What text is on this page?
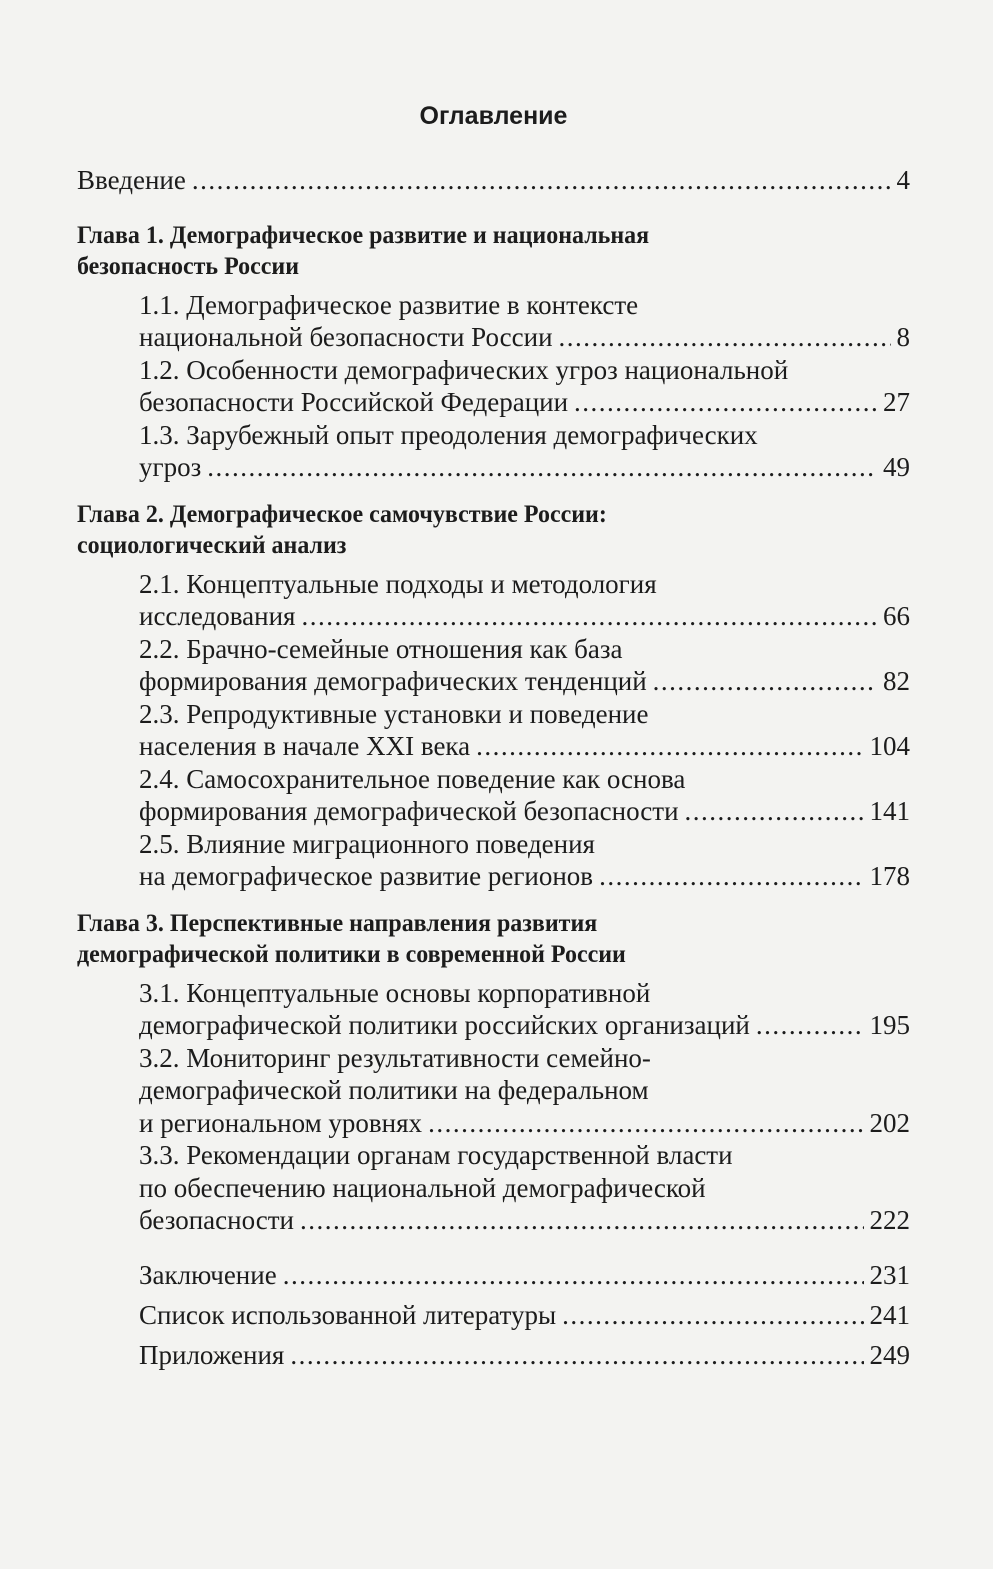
Оглавление
Введение .....	4
Глава 1. Демографическое развитие и национальная
безопасность России
1.1. Демографическое развитие в контексте
национальной безопасности России .....	8
1.2. Особенности демографических угроз национальной
безопасности Российской Федерации .....	27
1.3. Зарубежный опыт преодоления демографических
угроз .....	49
Глава 2. Демографическое самочувствие России:
социологический анализ
2.1. Концептуальные подходы и методология
исследования .....	66
2.2. Брачно-семейные отношения как база
формирования демографических тенденций .....	82
2.3. Репродуктивные установки и поведение
населения в начале XXI века .....	104
2.4. Самосохранительное поведение как основа
формирования демографической безопасности .....	141
2.5. Влияние миграционного поведения
на демографическое развитие регионов .....	178
Глава 3. Перспективные направления развития
демографической политики в современной России
3.1. Концептуальные основы корпоративной
демографической политики российских организаций .....	195
3.2. Мониторинг результативности семейно-
демографической политики на федеральном
и региональном уровнях .....	202
3.3. Рекомендации органам государственной власти
по обеспечению национальной демографической
безопасности .....	222
Заключение .....	231
Список использованной литературы .....	241
Приложения .....	249
